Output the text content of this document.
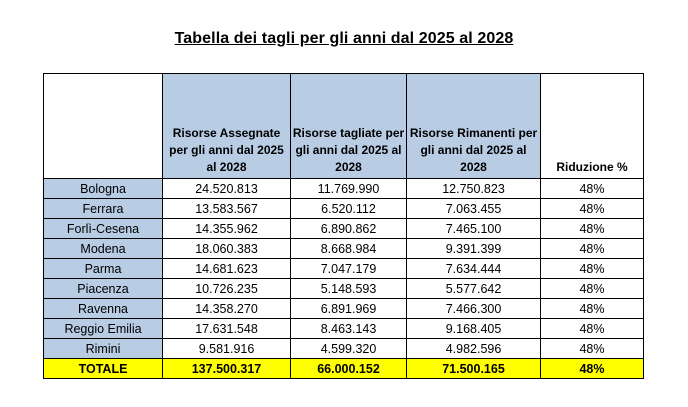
Tabella dei tagli per gli anni dal 2025 al 2028
	Risorse Assegnate per gli anni dal 2025 al 2028	Risorse tagliate per gli anni dal 2025 al 2028	Risorse Rimanenti per gli anni dal 2025 al 2028	Riduzione %
Bologna	24.520.813	11.769.990	12.750.823	48%
Ferrara	13.583.567	6.520.112	7.063.455	48%
Forlì-Cesena	14.355.962	6.890.862	7.465.100	48%
Modena	18.060.383	8.668.984	9.391.399	48%
Parma	14.681.623	7.047.179	7.634.444	48%
Piacenza	10.726.235	5.148.593	5.577.642	48%
Ravenna	14.358.270	6.891.969	7.466.300	48%
Reggio Emilia	17.631.548	8.463.143	9.168.405	48%
Rimini	9.581.916	4.599.320	4.982.596	48%
TOTALE	137.500.317	66.000.152	71.500.165	48%
